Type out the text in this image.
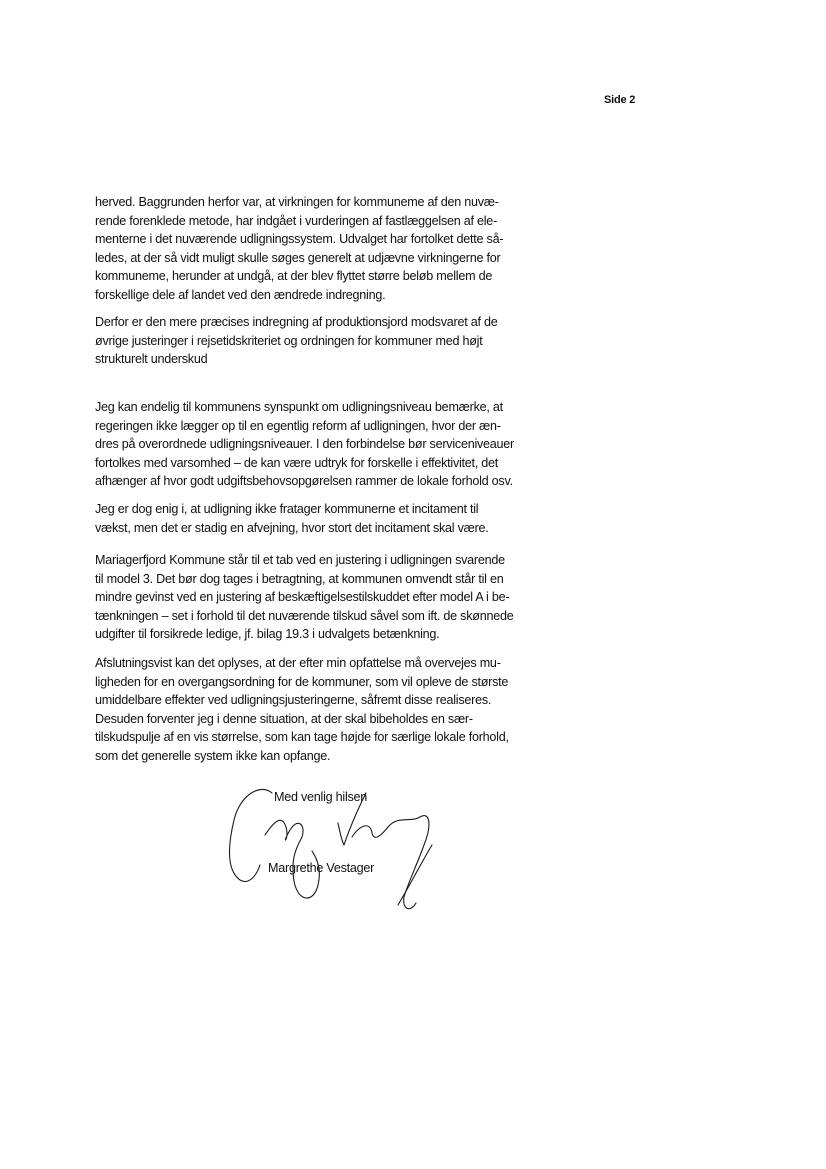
Side 2
herved. Baggrunden herfor var, at virkningen for kommuneme af den nuvæ-
rende forenklede metode, har indgået i vurderingen af fastlæggelsen af ele-
menterne i det nuværende udligningssystem. Udvalget har fortolket dette så-
ledes, at der så vidt muligt skulle søges generelt at udjævne virkningerne for
kommuneme, herunder at undgå, at der blev flyttet større beløb mellem de
forskellige dele af landet ved den ændrede indregning.
Derfor er den mere præcises indregning af produktionsjord modsvaret af de
øvrige justeringer i rejsetidskriteriet og ordningen for kommuner med højt
strukturelt underskud
Jeg kan endelig til kommunens synspunkt om udligningsniveau bemærke, at
regeringen ikke lægger op til en egentlig reform af udligningen, hvor der æn-
dres på overordnede udligningsniveauer. I den forbindelse bør serviceniveauer
fortolkes med varsomhed – de kan være udtryk for forskelle i effektivitet, det
afhænger af hvor godt udgiftsbehovsopgørelsen rammer de lokale forhold osv.
Jeg er dog enig i, at udligning ikke fratager kommunerne et incitament til
vækst, men det er stadig en afvejning, hvor stort det incitament skal være.
Mariagerfjord Kommune står til et tab ved en justering i udligningen svarende
til model 3. Det bør dog tages i betragtning, at kommunen omvendt står til en
mindre gevinst ved en justering af beskæftigelsestilskuddet efter model A i be-
tænkningen – set i forhold til det nuværende tilskud såvel som ift. de skønnede
udgifter til forsikrede ledige, jf. bilag 19.3 i udvalgets betænkning.
Afslutningsvist kan det oplyses, at der efter min opfattelse må overvejes mu-
ligheden for en overgangsordning for de kommuner, som vil opleve de største
umiddelbare effekter ved udligningsjusteringerne, såfremt disse realiseres.
Desuden forventer jeg i denne situation, at der skal bibeholdes en sær-
tilskudspulje af en vis størrelse, som kan tage højde for særlige lokale forhold,
som det generelle system ikke kan opfange.
Med venlig hilsen
Margrethe Vestager
